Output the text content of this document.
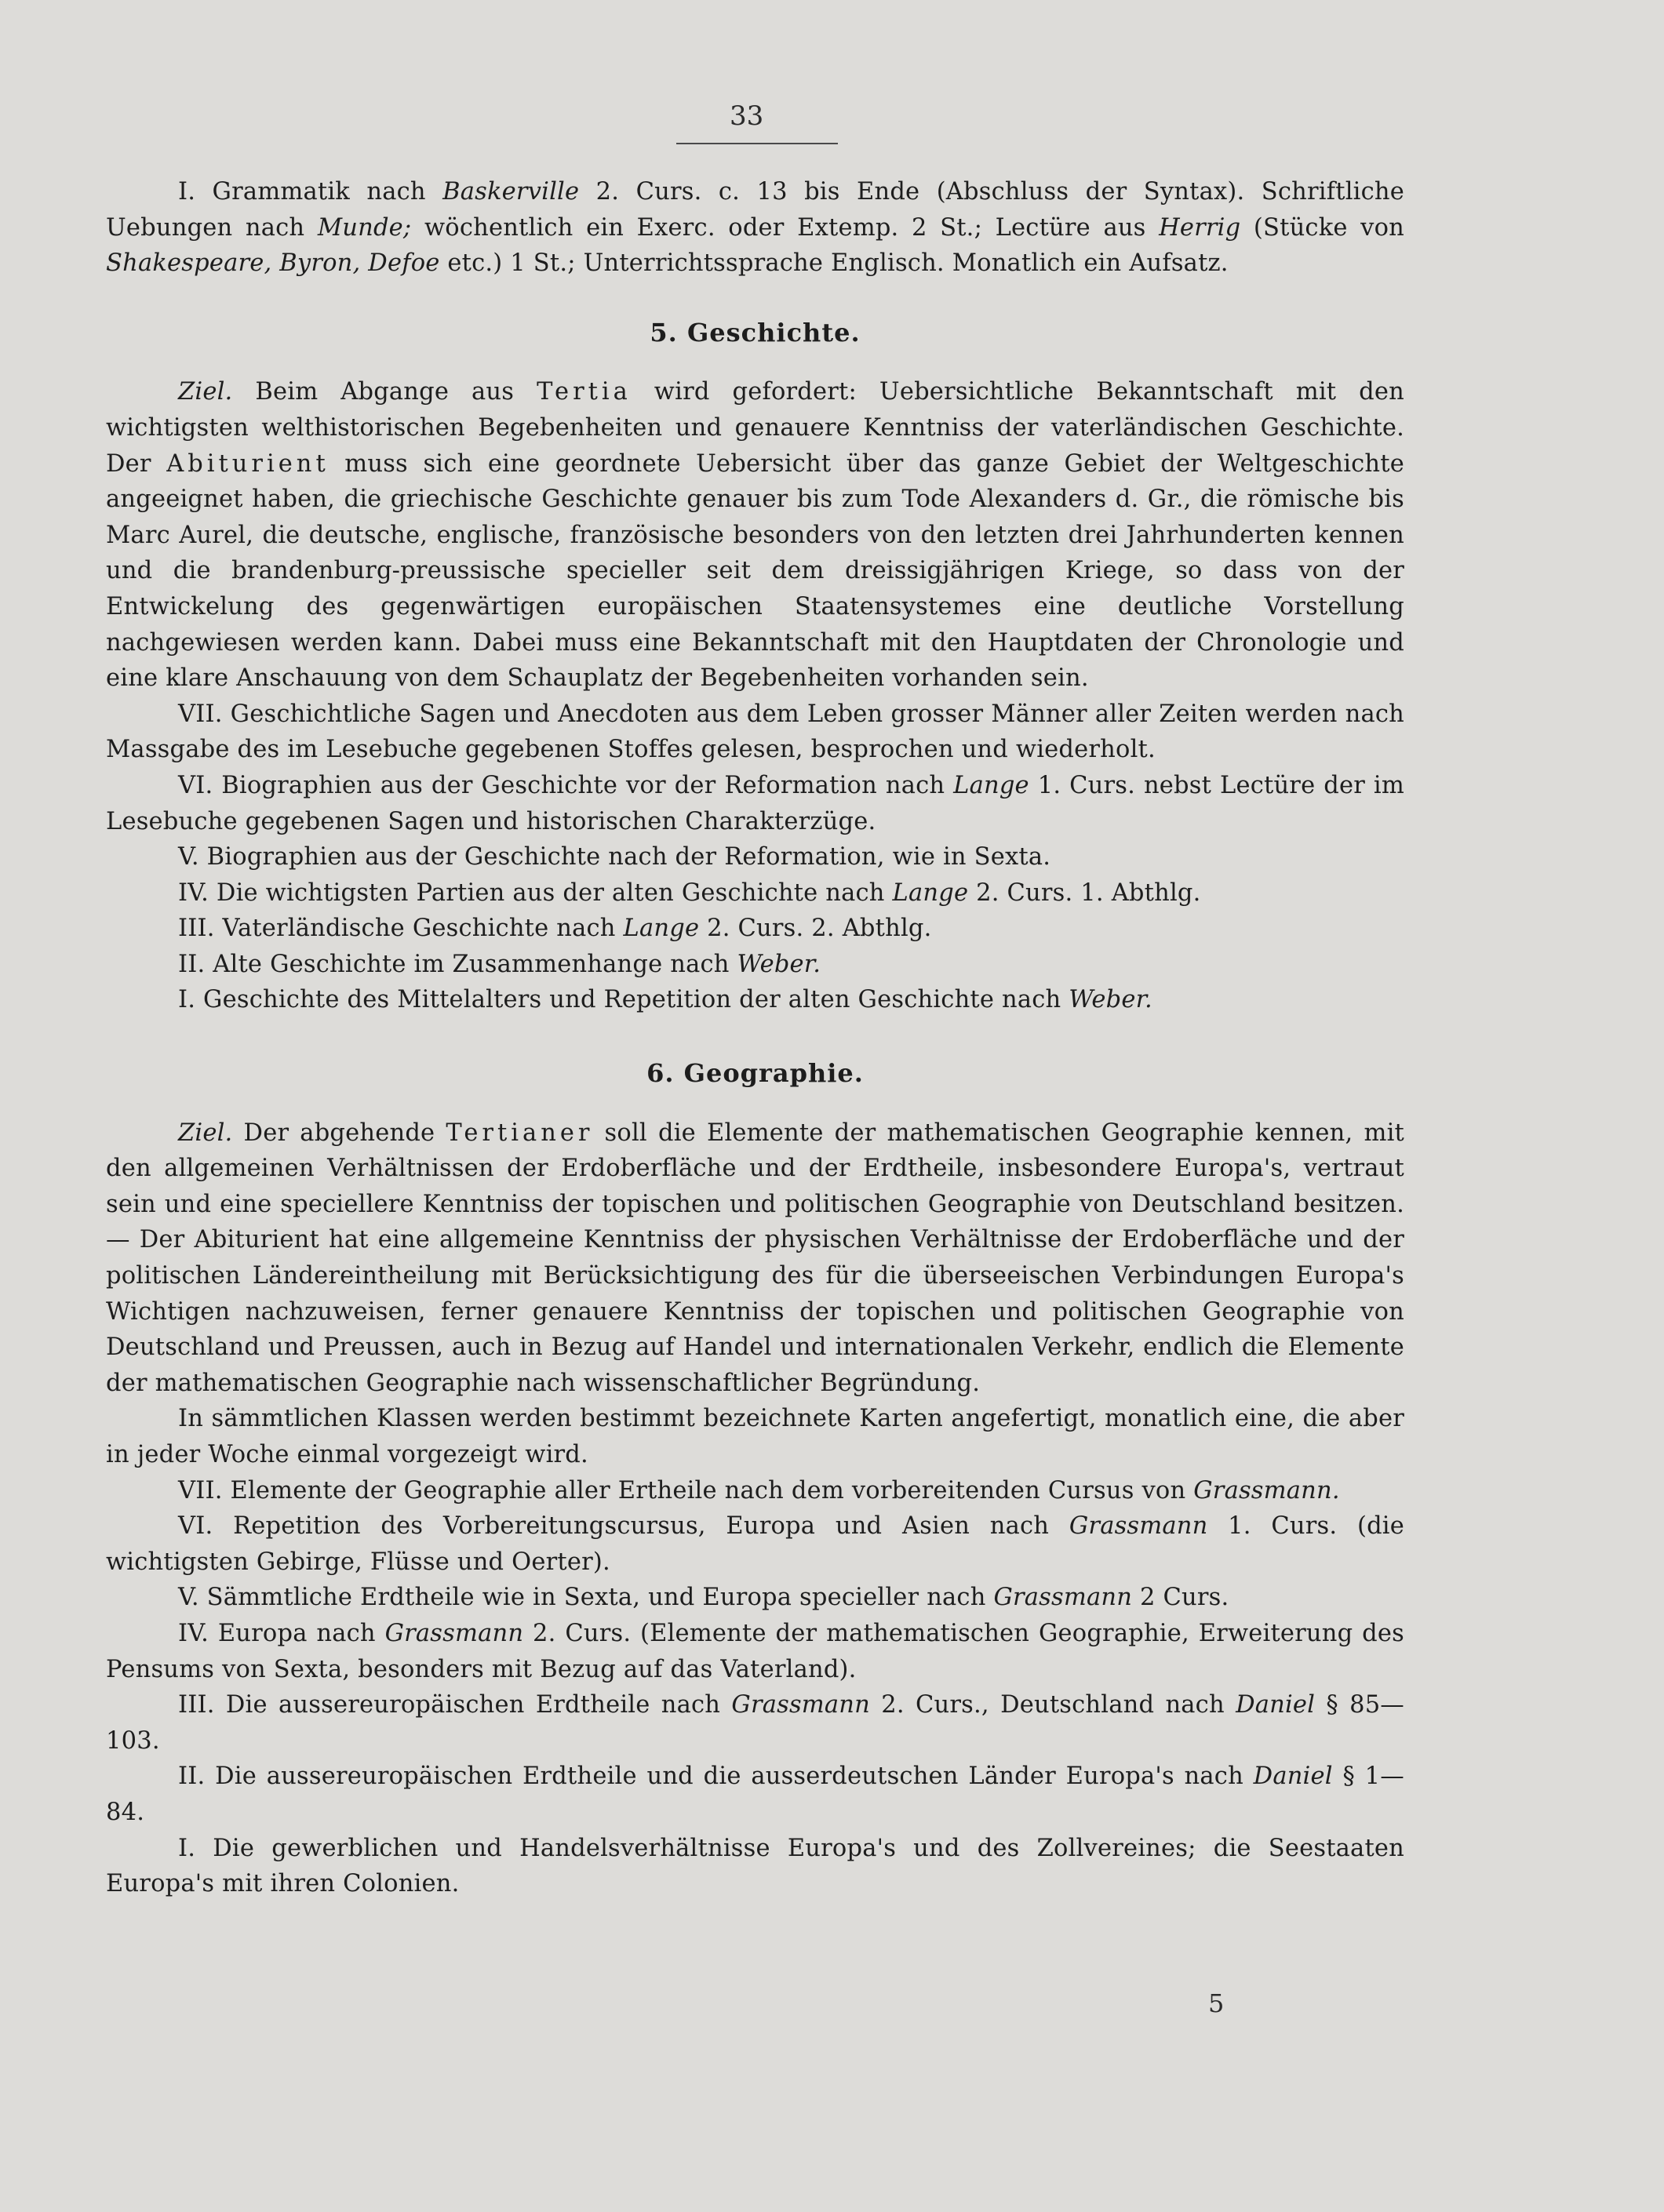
33

I. Grammatik nach Baskerville 2. Curs. c. 13 bis Ende (Abschluss der Syntax). Schriftliche Uebungen nach Munde; wöchentlich ein Exerc. oder Extemp. 2 St.; Lectüre aus Herrig (Stücke von Shakespeare, Byron, Defoe etc.) 1 St.; Unterrichtssprache Englisch. Monatlich ein Aufsatz.

5. Geschichte.

Ziel. Beim Abgange aus Tertia wird gefordert: Uebersichtliche Bekanntschaft mit den wichtigsten welthistorischen Begebenheiten und genauere Kenntniss der vaterländischen Geschichte. Der Abiturient muss sich eine geordnete Uebersicht über das ganze Gebiet der Weltgeschichte angeeignet haben, die griechische Geschichte genauer bis zum Tode Alexanders d. Gr., die römische bis Marc Aurel, die deutsche, englische, französische besonders von den letzten drei Jahrhunderten kennen und die brandenburg-preussische specieller seit dem dreissigjährigen Kriege, so dass von der Entwickelung des gegenwärtigen europäischen Staatensystemes eine deutliche Vorstellung nachgewiesen werden kann. Dabei muss eine Bekanntschaft mit den Hauptdaten der Chronologie und eine klare Anschauung von dem Schauplatz der Begebenheiten vorhanden sein.

VII. Geschichtliche Sagen und Anecdoten aus dem Leben grosser Männer aller Zeiten werden nach Massgabe des im Lesebuche gegebenen Stoffes gelesen, besprochen und wiederholt.

VI. Biographien aus der Geschichte vor der Reformation nach Lange 1. Curs. nebst Lectüre der im Lesebuche gegebenen Sagen und historischen Charakterzüge.

V. Biographien aus der Geschichte nach der Reformation, wie in Sexta.

IV. Die wichtigsten Partien aus der alten Geschichte nach Lange 2. Curs. 1. Abthlg.

III. Vaterländische Geschichte nach Lange 2. Curs. 2. Abthlg.

II. Alte Geschichte im Zusammenhange nach Weber.

I. Geschichte des Mittelalters und Repetition der alten Geschichte nach Weber.

6. Geographie.

Ziel. Der abgehende Tertianer soll die Elemente der mathematischen Geographie kennen, mit den allgemeinen Verhältnissen der Erdoberfläche und der Erdtheile, insbesondere Europa's, vertraut sein und eine speciellere Kenntniss der topischen und politischen Geographie von Deutschland besitzen. — Der Abiturient hat eine allgemeine Kenntniss der physischen Verhältnisse der Erdoberfläche und der politischen Ländereintheilung mit Berücksichtigung des für die überseeischen Verbindungen Europa's Wichtigen nachzuweisen, ferner genauere Kenntniss der topischen und politischen Geographie von Deutschland und Preussen, auch in Bezug auf Handel und internationalen Verkehr, endlich die Elemente der mathematischen Geographie nach wissenschaftlicher Begründung.

In sämmtlichen Klassen werden bestimmt bezeichnete Karten angefertigt, monatlich eine, die aber in jeder Woche einmal vorgezeigt wird.

VII. Elemente der Geographie aller Ertheile nach dem vorbereitenden Cursus von Grassmann.

VI. Repetition des Vorbereitungscursus, Europa und Asien nach Grassmann 1. Curs. (die wichtigsten Gebirge, Flüsse und Oerter).

V. Sämmtliche Erdtheile wie in Sexta, und Europa specieller nach Grassmann 2 Curs.

IV. Europa nach Grassmann 2. Curs. (Elemente der mathematischen Geographie, Erweiterung des Pensums von Sexta, besonders mit Bezug auf das Vaterland).

III. Die aussereuropäischen Erdtheile nach Grassmann 2. Curs., Deutschland nach Daniel § 85—103.

II. Die aussereuropäischen Erdtheile und die ausserdeutschen Länder Europa's nach Daniel § 1—84.

I. Die gewerblichen und Handelsverhältnisse Europa's und des Zollvereines; die Seestaaten Europa's mit ihren Colonien.

5
